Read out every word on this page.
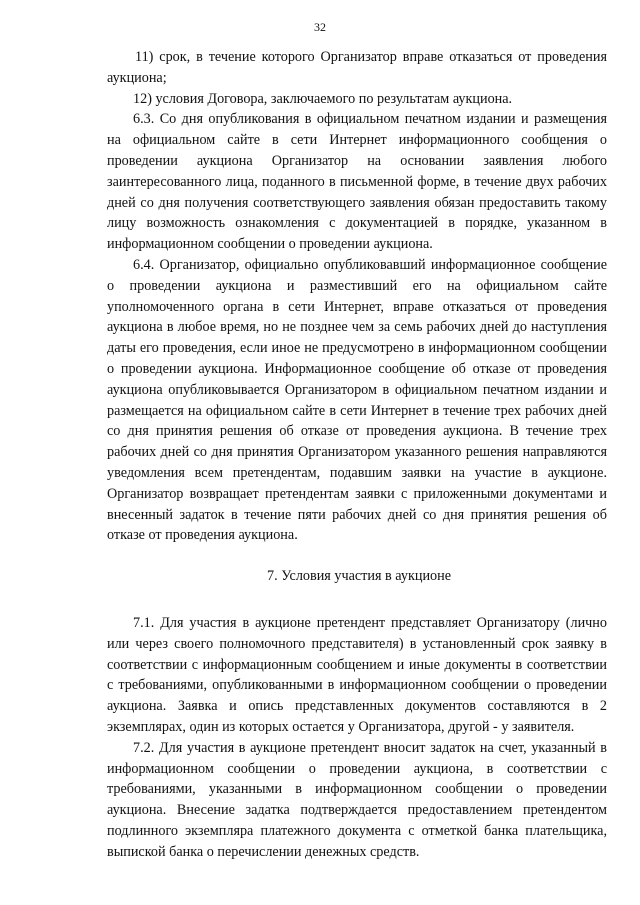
32

11) срок, в течение которого Организатор вправе отказаться от проведения аукциона;

12) условия Договора, заключаемого по результатам аукциона.

6.3. Со дня опубликования в официальном печатном издании и размещения на официальном сайте в сети Интернет информационного сообщения о проведении аукциона Организатор на основании заявления любого заинтересованного лица, поданного в письменной форме, в течение двух рабочих дней со дня получения соответствующего заявления обязан предоставить такому лицу возможность ознакомления с документацией в порядке, указанном в информационном сообщении о проведении аукциона.

6.4. Организатор, официально опубликовавший информационное сообщение о проведении аукциона и разместивший его на официальном сайте уполномоченного органа в сети Интернет, вправе отказаться от проведения аукциона в любое время, но не позднее чем за семь рабочих дней до наступления даты его проведения, если иное не предусмотрено в информационном сообщении о проведении аукциона. Информационное сообщение об отказе от проведения аукциона опубликовывается Организатором в официальном печатном издании и размещается на официальном сайте в сети Интернет в течение трех рабочих дней со дня принятия решения об отказе от проведения аукциона. В течение трех рабочих дней со дня принятия Организатором указанного решения направляются уведомления всем претендентам, подавшим заявки на участие в аукционе. Организатор возвращает претендентам заявки с приложенными документами и внесенный задаток в течение пяти рабочих дней со дня принятия решения об отказе от проведения аукциона.

7. Условия участия в аукционе

7.1. Для участия в аукционе претендент представляет Организатору (лично или через своего полномочного представителя) в установленный срок заявку в соответствии с информационным сообщением и иные документы в соответствии с требованиями, опубликованными в информационном сообщении о проведении аукциона. Заявка и опись представленных документов составляются в 2 экземплярах, один из которых остается у Организатора, другой - у заявителя.

7.2. Для участия в аукционе претендент вносит задаток на счет, указанный в информационном сообщении о проведении аукциона, в соответствии с требованиями, указанными в информационном сообщении о проведении аукциона. Внесение задатка подтверждается предоставлением претендентом подлинного экземпляра платежного документа с отметкой банка плательщика, выпиской банка о перечислении денежных средств.
